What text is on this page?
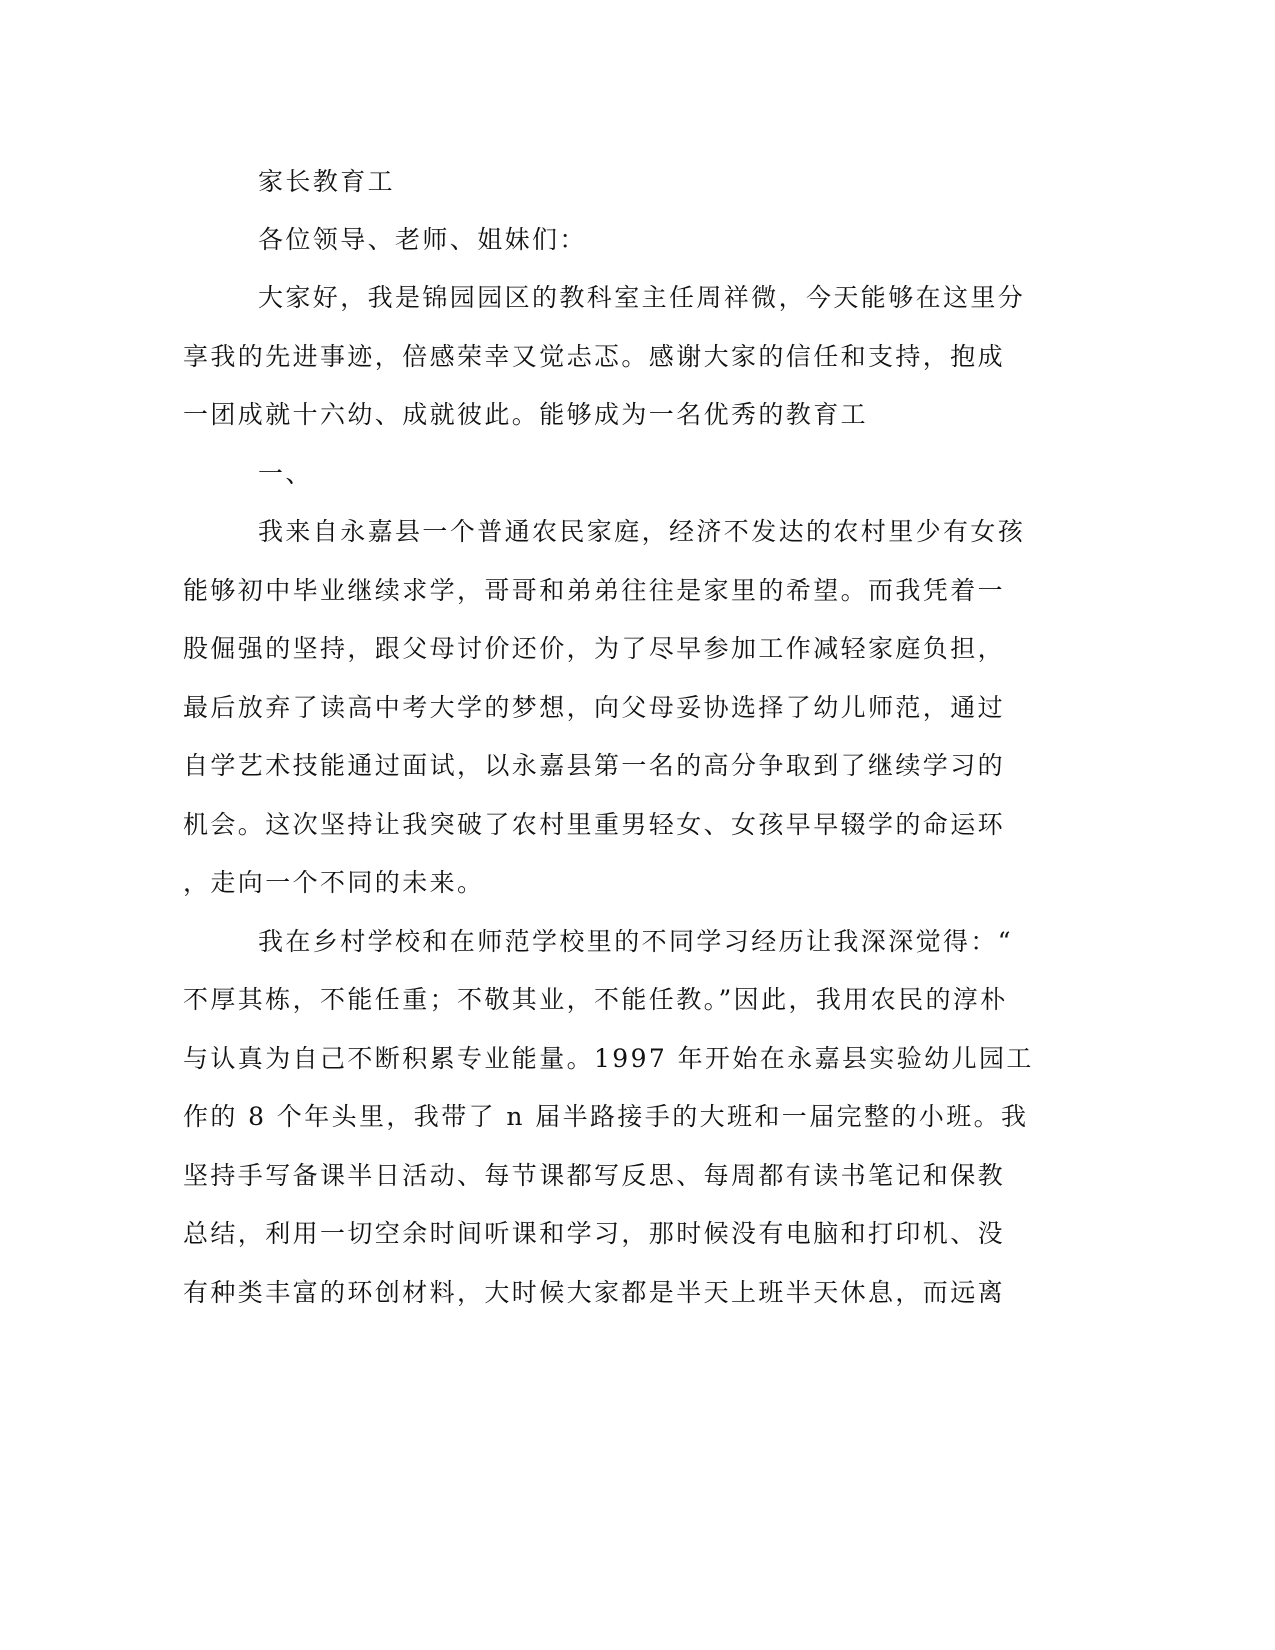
家长教育工
各位领导、老师、姐妹们：
大家好，我是锦园园区的教科室主任周祥微，今天能够在这里分
享我的先进事迹，倍感荣幸又觉忐忑。感谢大家的信任和支持，抱成
一团成就十六幼、成就彼此。能够成为一名优秀的教育工
一、
我来自永嘉县一个普通农民家庭，经济不发达的农村里少有女孩
能够初中毕业继续求学，哥哥和弟弟往往是家里的希望。而我凭着一
股倔强的坚持，跟父母讨价还价，为了尽早参加工作减轻家庭负担，
最后放弃了读高中考大学的梦想，向父母妥协选择了幼儿师范，通过
自学艺术技能通过面试，以永嘉县第一名的高分争取到了继续学习的
机会。这次坚持让我突破了农村里重男轻女、女孩早早辍学的命运环
，走向一个不同的未来。
我在乡村学校和在师范学校里的不同学习经历让我深深觉得：“
不厚其栋，不能任重；不敬其业，不能任教。”因此，我用农民的淳朴
与认真为自己不断积累专业能量。1997 年开始在永嘉县实验幼儿园工
作的 8 个年头里，我带了 n 届半路接手的大班和一届完整的小班。我
坚持手写备课半日活动、每节课都写反思、每周都有读书笔记和保教
总结，利用一切空余时间听课和学习，那时候没有电脑和打印机、没
有种类丰富的环创材料，大时候大家都是半天上班半天休息，而远离
